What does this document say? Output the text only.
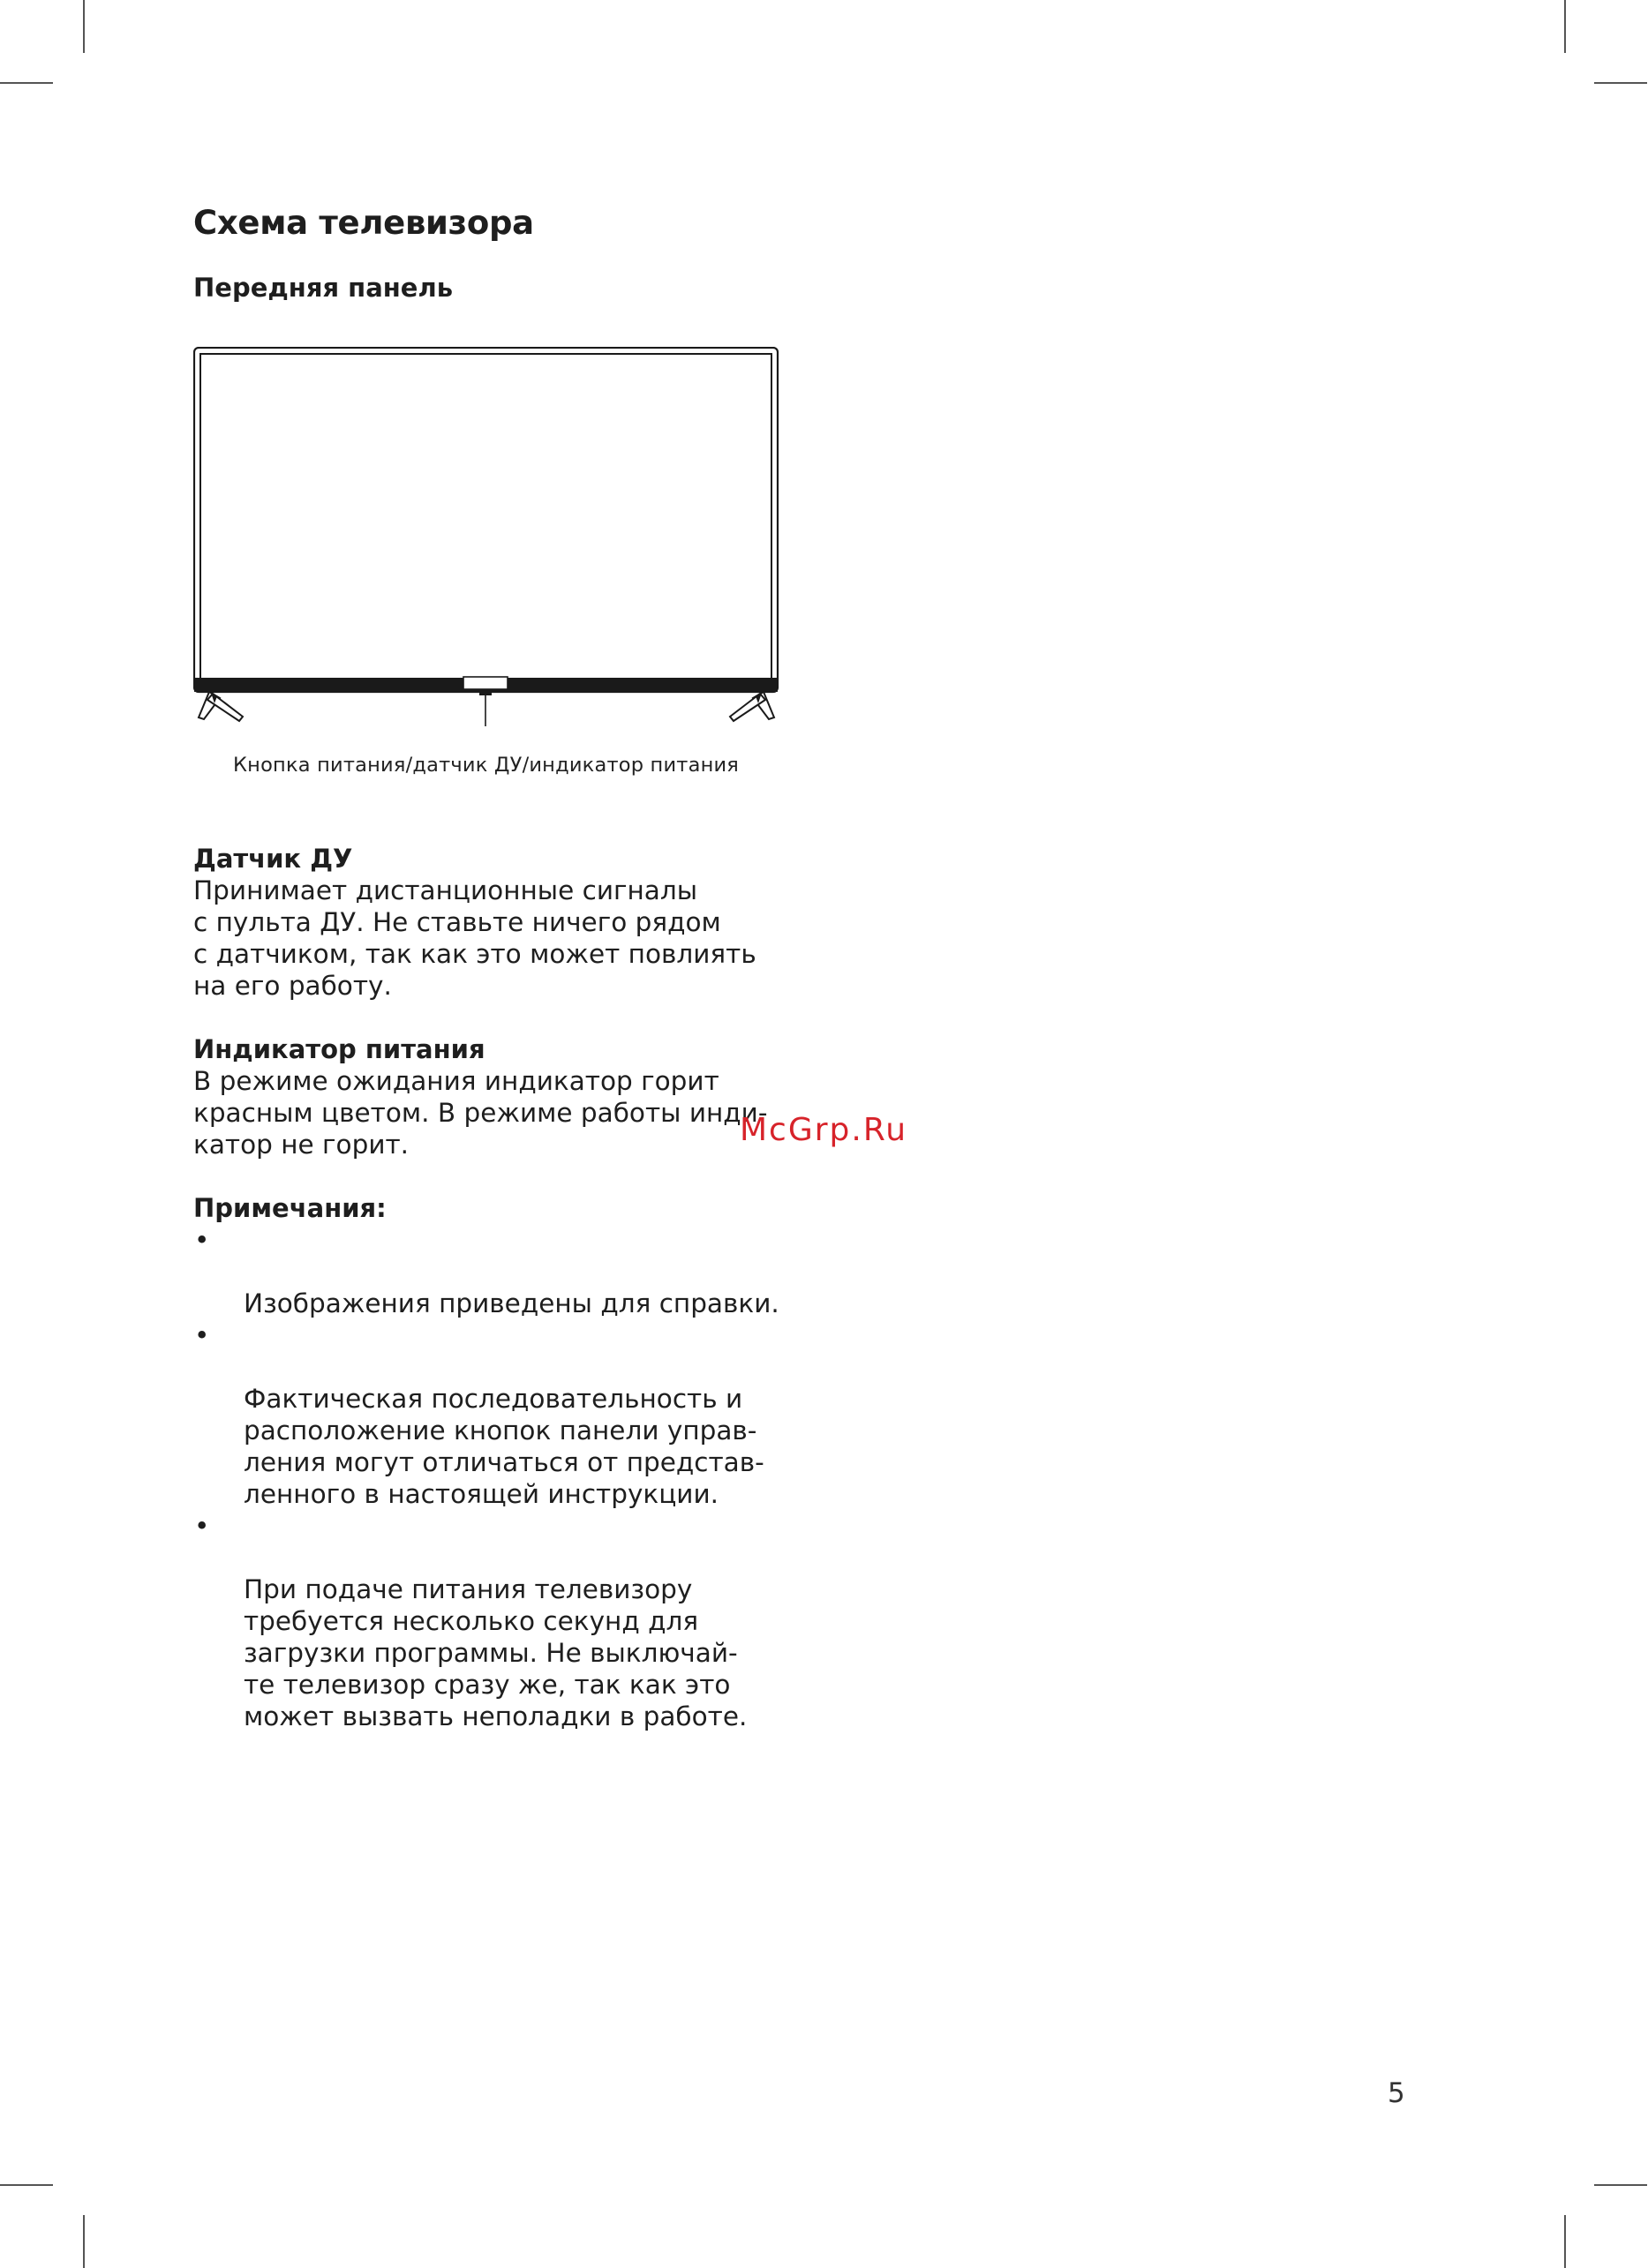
Схема телевизора
Передняя панель
Кнопка питания/датчик ДУ/индикатор питания
Датчик ДУ

Принимает дистанционные сигналы
с пульта ДУ. Не ставьте ничего рядом
с датчиком, так как это может повлиять
на его работу.

Индикатор питания

В режиме ожидания индикатор горит
красным цветом. В режиме работы инди-
катор не горит.

Примечания:

•

Изображения приведены для справки.

•

Фактическая последовательность и
расположение кнопок панели управ-
ления могут отличаться от представ-
ленного в настоящей инструкции.

•

При подаче питания телевизору
требуется несколько секунд для
загрузки программы. Не выключай-
те телевизор сразу же, так как это
может вызвать неполадки в работе.

McGrp.Ru
5
